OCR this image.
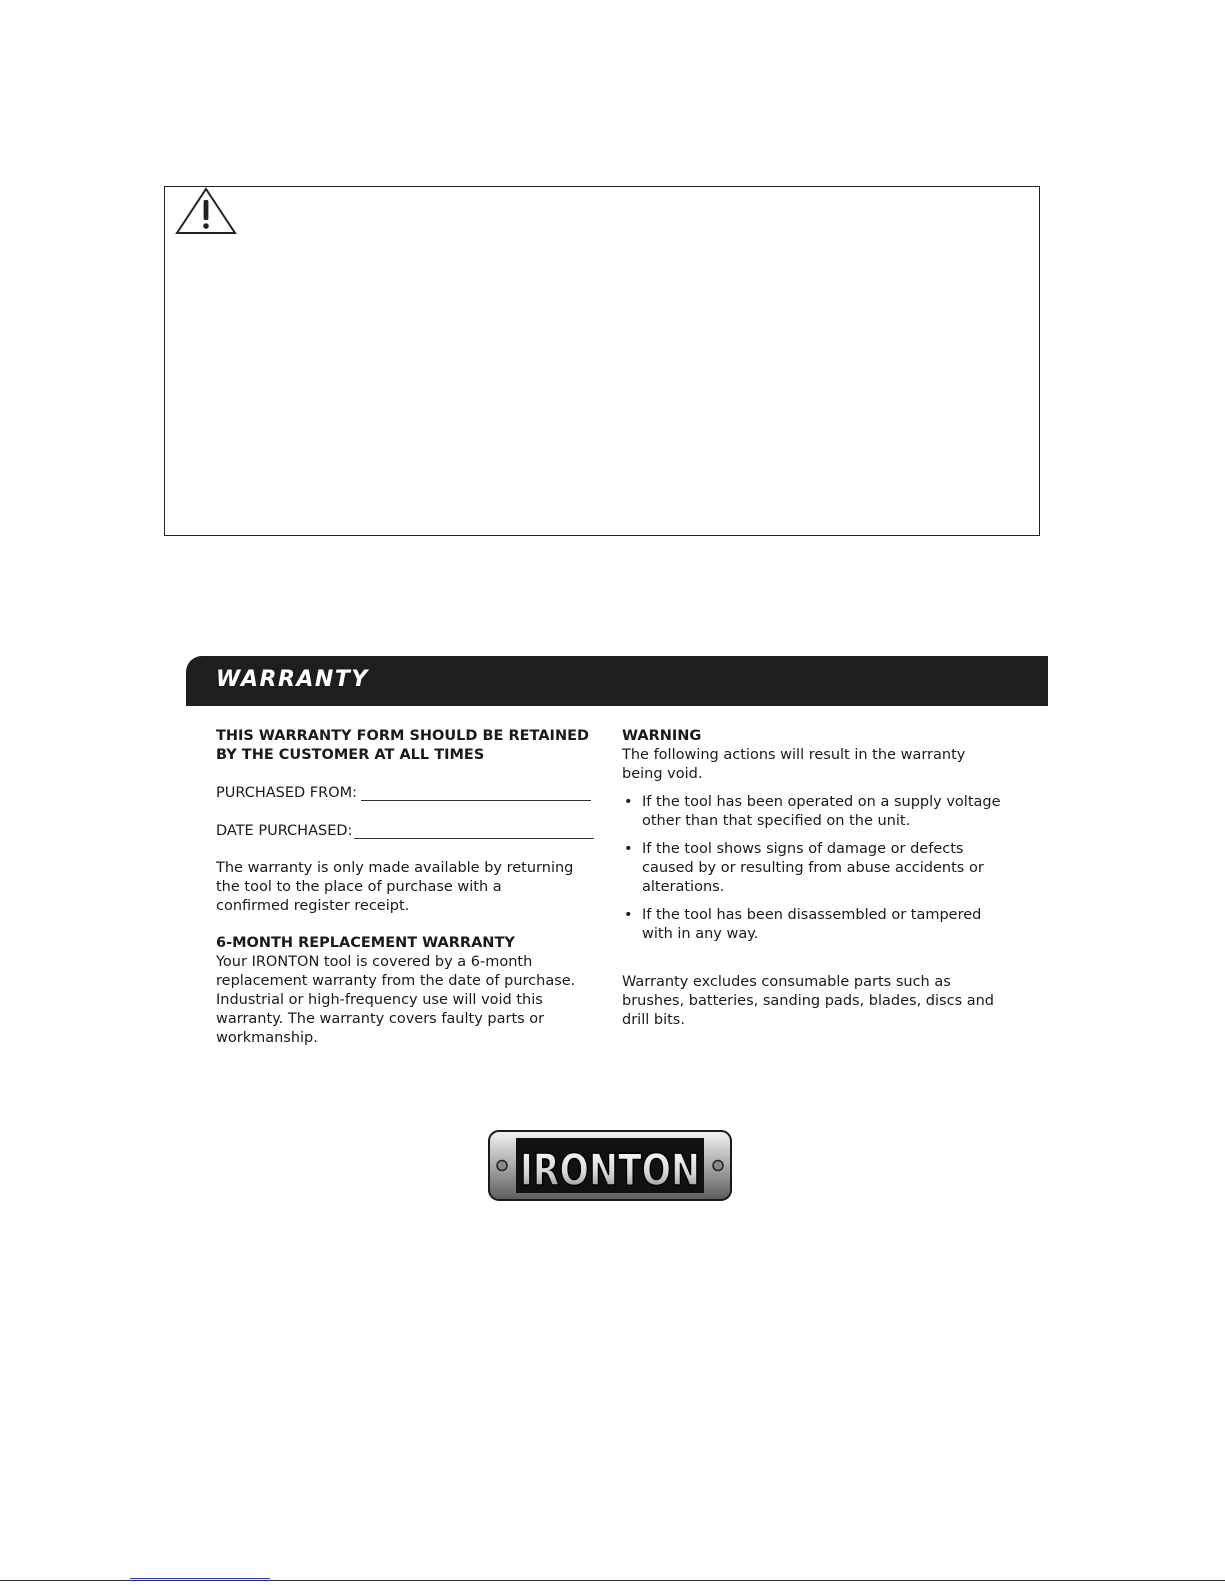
WARRANTY

THIS WARRANTY FORM SHOULD BE RETAINED

BY THE CUSTOMER AT ALL TIMES

PURCHASED FROM:
DATE PURCHASED:

The warranty is only made available by returning the tool to the place of purchase with a confirmed register receipt.

6-MONTH REPLACEMENT WARRANTY

Your IRONTON tool is covered by a 6-month replacement warranty from the date of purchase. Industrial or high-frequency use will void this warranty. The warranty covers faulty parts or workmanship.

WARNING

The following actions will result in the warranty being void.

• If the tool has been operated on a supply voltage other than that specified on the unit.
• If the tool shows signs of damage or defects caused by or resulting from abuse accidents or alterations.
• If the tool has been disassembled or tampered with in any way.

Warranty excludes consumable parts such as brushes, batteries, sanding pads, blades, discs and drill bits.

IRONTON
